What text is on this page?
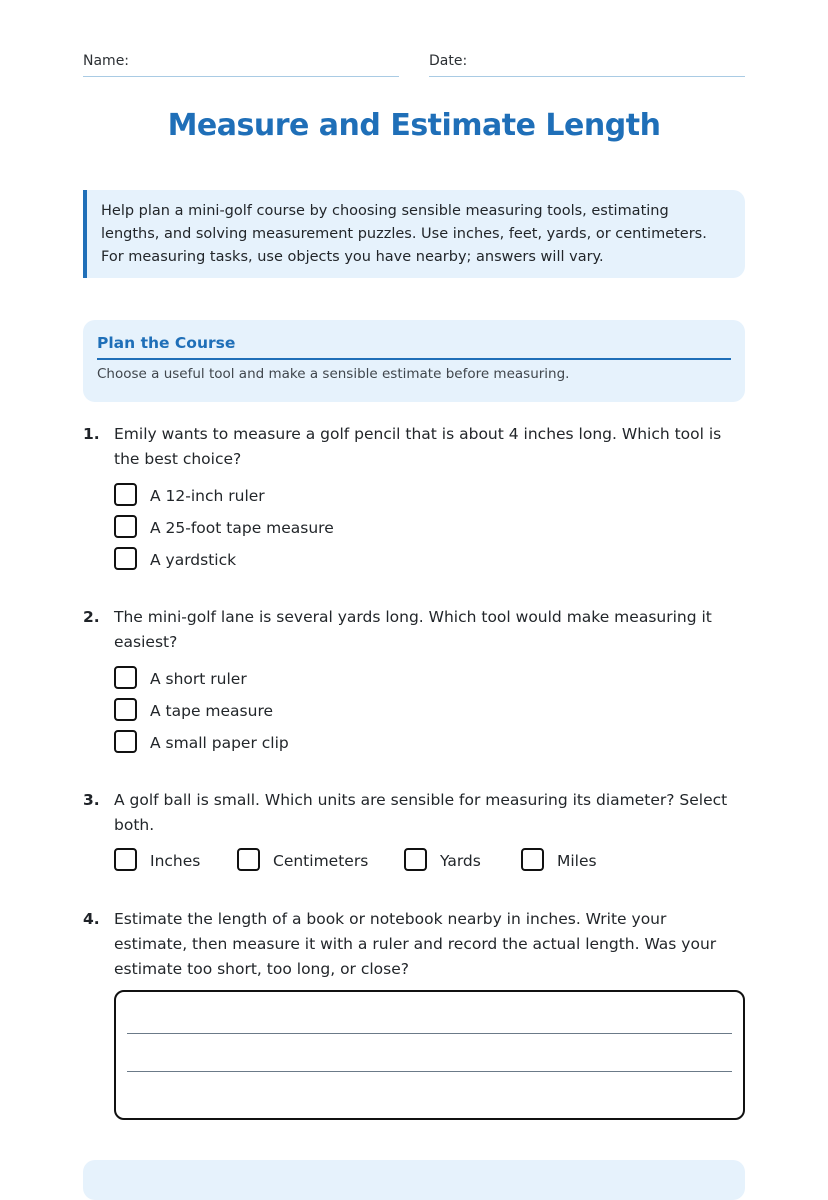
Name:	Date:
Measure and Estimate Length
Help plan a mini-golf course by choosing sensible measuring tools, estimating lengths, and solving measurement puzzles. Use inches, feet, yards, or centimeters. For measuring tasks, use objects you have nearby; answers will vary.
Plan the Course
Choose a useful tool and make a sensible estimate before measuring.
1. Emily wants to measure a golf pencil that is about 4 inches long. Which tool is the best choice?
A 12-inch ruler
A 25-foot tape measure
A yardstick
2. The mini-golf lane is several yards long. Which tool would make measuring it easiest?
A short ruler
A tape measure
A small paper clip
3. A golf ball is small. Which units are sensible for measuring its diameter? Select both.
Inches	Centimeters	Yards	Miles
4. Estimate the length of a book or notebook nearby in inches. Write your estimate, then measure it with a ruler and record the actual length. Was your estimate too short, too long, or close?
